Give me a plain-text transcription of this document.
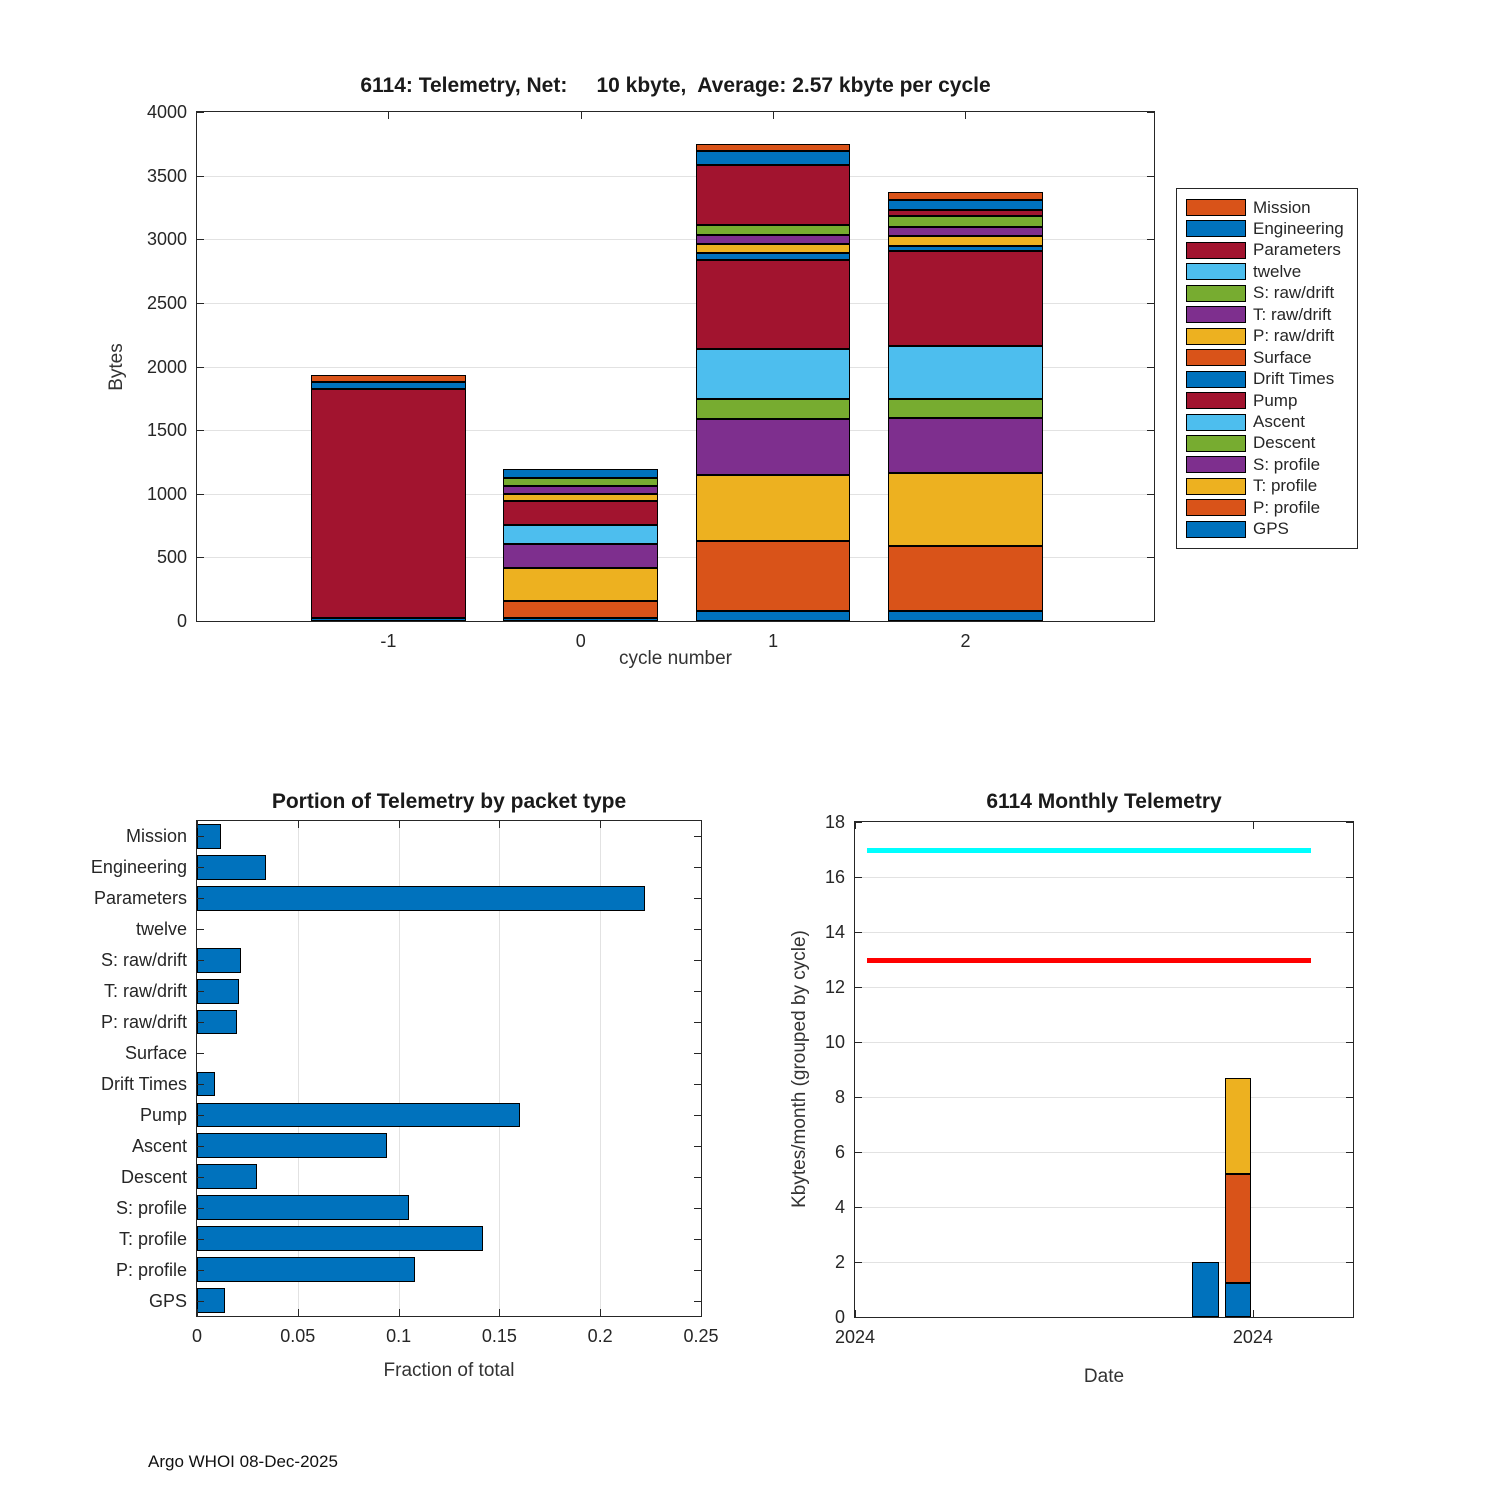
6114: Telemetry, Net:     10 kbyte,  Average: 2.57 kbyte per cycle
Bytes
0
500
1000
1500
2000
2500
3000
3500
4000
-1	0	1	2
cycle number
Mission
Engineering
Parameters
twelve
S: raw/drift
T: raw/drift
P: raw/drift
Surface
Drift Times
Pump
Ascent
Descent
S: profile
T: profile
P: profile
GPS
Portion of Telemetry by packet type
0	0.05	0.1	0.15	0.2	0.25
Mission
Engineering
Parameters
twelve
S: raw/drift
T: raw/drift
P: raw/drift
Surface
Drift Times
Pump
Ascent
Descent
S: profile
T: profile
P: profile
GPS
Fraction of total
6114 Monthly Telemetry
Kbytes/month (grouped by cycle)
0
2
4
6
8
10
12
14
16
18
2024	2024
Date
Argo WHOI 08-Dec-2025
